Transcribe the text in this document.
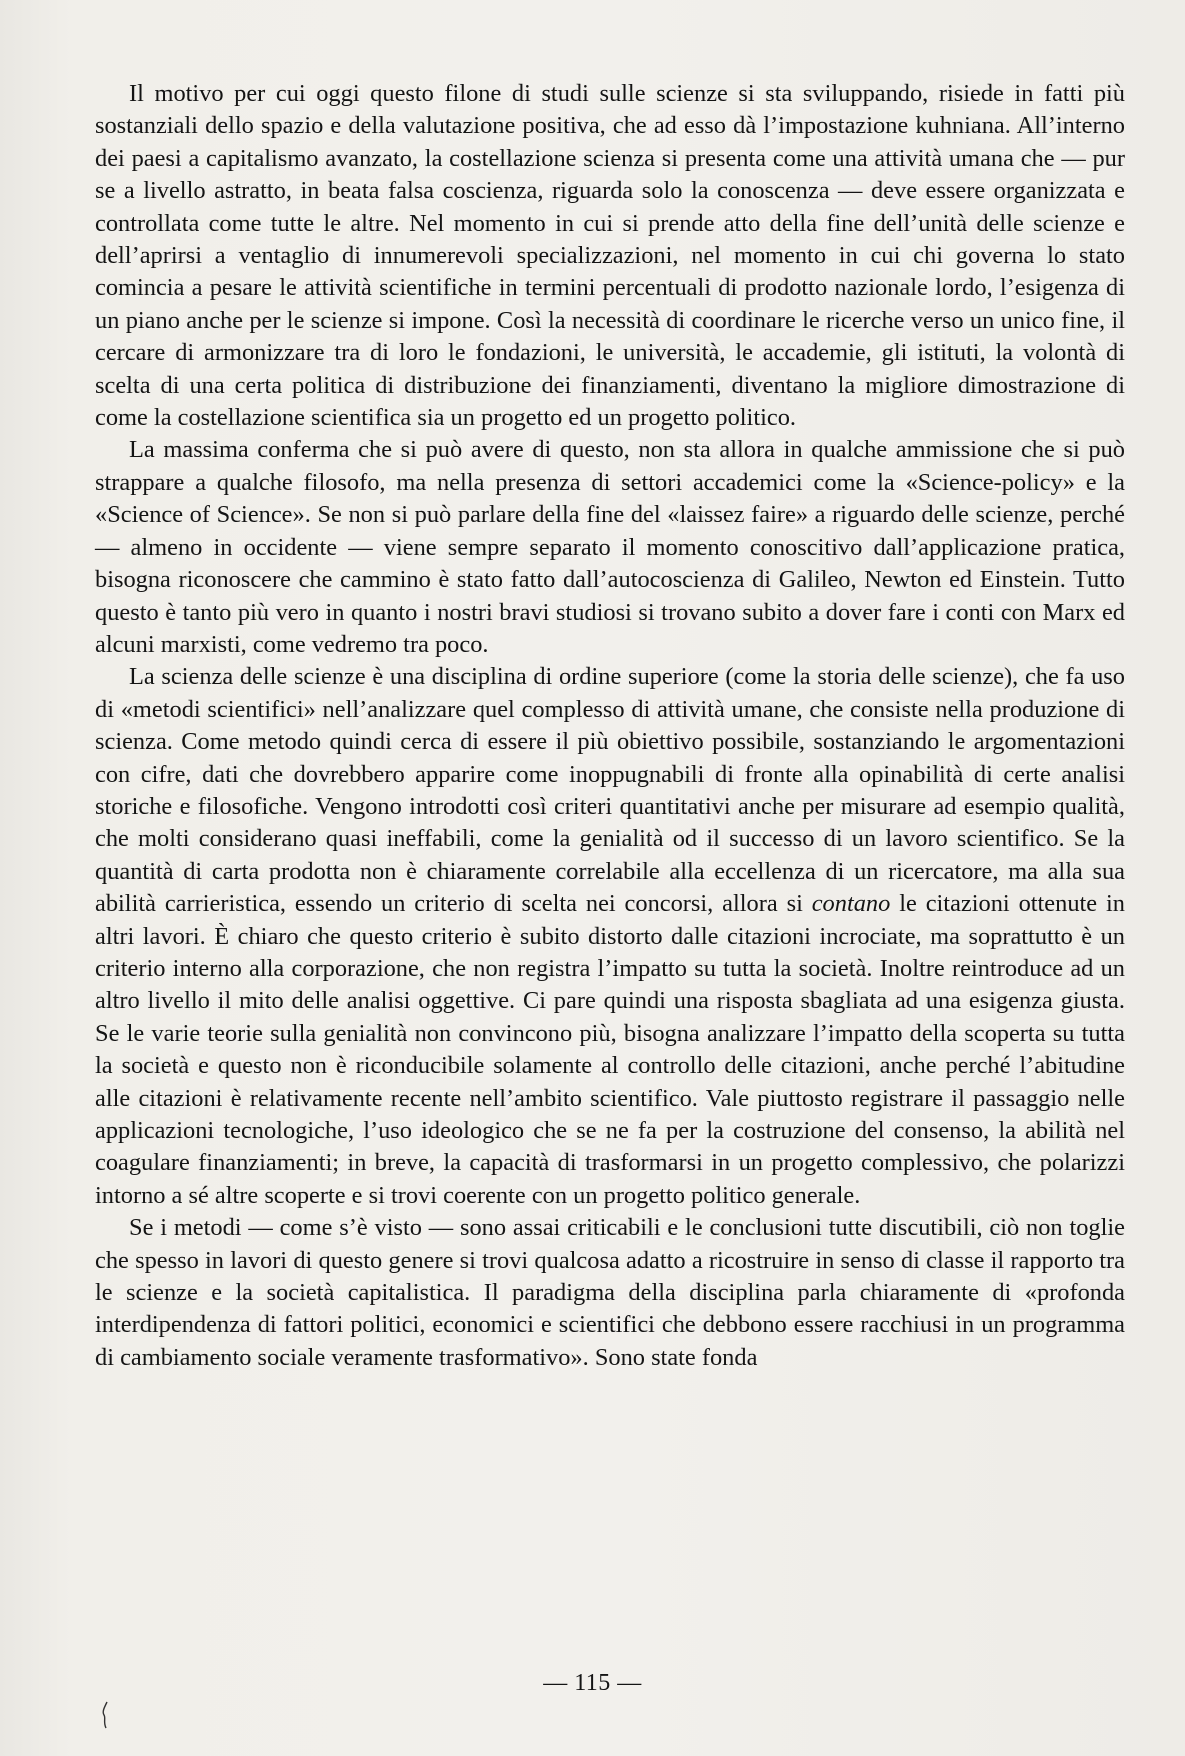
Il motivo per cui oggi questo filone di studi sulle scienze si sta sviluppando, risiede in fatti più sostanziali dello spazio e della valutazione positiva, che ad esso dà l’impostazione kuhniana. All’interno dei paesi a capitalismo avanzato, la costellazione scienza si presenta come una attività umana che — pur se a livello astratto, in beata falsa coscienza, riguarda solo la conoscenza — deve essere organizzata e controllata come tutte le altre. Nel momento in cui si prende atto della fine dell’unità delle scienze e dell’aprirsi a ventaglio di innumerevoli specializzazioni, nel momento in cui chi governa lo stato comincia a pesare le attività scientifiche in termini percentuali di prodotto nazionale lordo, l’esigenza di un piano anche per le scienze si impone. Così la necessità di coordinare le ricerche verso un unico fine, il cercare di armonizzare tra di loro le fondazioni, le università, le accademie, gli istituti, la volontà di scelta di una certa politica di distribuzione dei finanziamenti, diventano la migliore dimostrazione di come la costellazione scientifica sia un progetto ed un progetto politico.

La massima conferma che si può avere di questo, non sta allora in qualche ammissione che si può strappare a qualche filosofo, ma nella presenza di settori accademici come la «Science-policy» e la «Science of Science». Se non si può parlare della fine del «laissez faire» a riguardo delle scienze, perché — almeno in occidente — viene sempre separato il momento conoscitivo dall’applicazione pratica, bisogna riconoscere che cammino è stato fatto dall’autocoscienza di Galileo, Newton ed Einstein. Tutto questo è tanto più vero in quanto i nostri bravi studiosi si trovano subito a dover fare i conti con Marx ed alcuni marxisti, come vedremo tra poco.

La scienza delle scienze è una disciplina di ordine superiore (come la storia delle scienze), che fa uso di «metodi scientifici» nell’analizzare quel complesso di attività umane, che consiste nella produzione di scienza. Come metodo quindi cerca di essere il più obiettivo possibile, sostanziando le argomentazioni con cifre, dati che dovrebbero apparire come inoppugnabili di fronte alla opinabilità di certe analisi storiche e filosofiche. Vengono introdotti così criteri quantitativi anche per misurare ad esempio qualità, che molti considerano quasi ineffabili, come la genialità od il successo di un lavoro scientifico. Se la quantità di carta prodotta non è chiaramente correlabile alla eccellenza di un ricercatore, ma alla sua abilità carrieristica, essendo un criterio di scelta nei concorsi, allora si contano le citazioni ottenute in altri lavori. È chiaro che questo criterio è subito distorto dalle citazioni incrociate, ma soprattutto è un criterio interno alla corporazione, che non registra l’impatto su tutta la società. Inoltre reintroduce ad un altro livello il mito delle analisi oggettive. Ci pare quindi una risposta sbagliata ad una esigenza giusta. Se le varie teorie sulla genialità non convincono più, bisogna analizzare l’impatto della scoperta su tutta la società e questo non è riconducibile solamente al controllo delle citazioni, anche perché l’abitudine alle citazioni è relativamente recente nell’ambito scientifico. Vale piuttosto registrare il passaggio nelle applicazioni tecnologiche, l’uso ideologico che se ne fa per la costruzione del consenso, la abilità nel coagulare finanziamenti; in breve, la capacità di trasformarsi in un progetto complessivo, che polarizzi intorno a sé altre scoperte e si trovi coerente con un progetto politico generale.

Se i metodi — come s’è visto — sono assai criticabili e le conclusioni tutte discutibili, ciò non toglie che spesso in lavori di questo genere si trovi qualcosa adatto a ricostruire in senso di classe il rapporto tra le scienze e la società capitalistica. Il paradigma della disciplina parla chiaramente di «profonda interdipendenza di fattori politici, economici e scientifici che debbono essere racchiusi in un programma di cambiamento sociale veramente trasformativo». Sono state fonda

— 115 —
